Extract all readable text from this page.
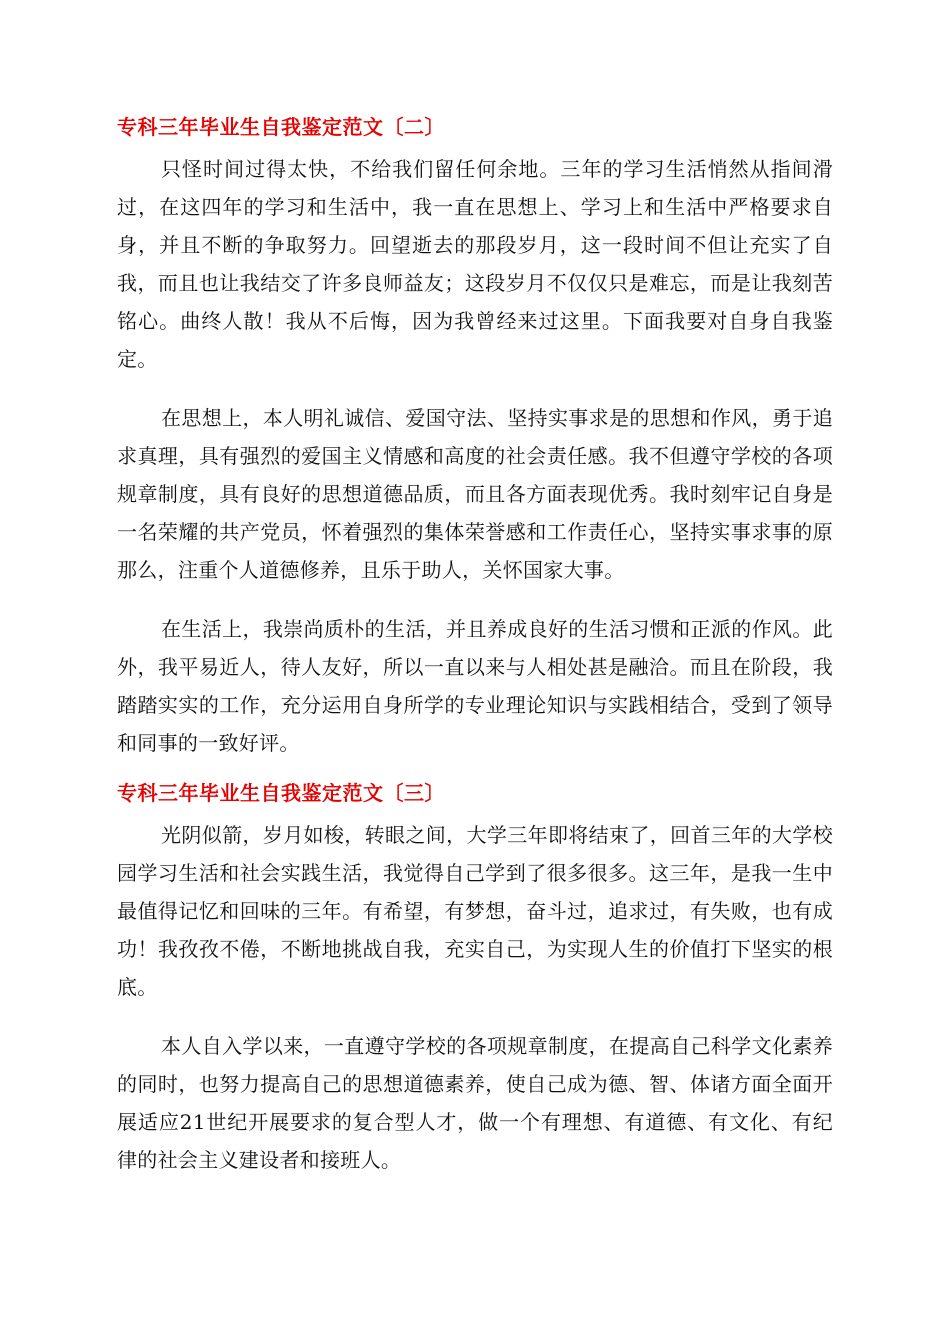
专科三年毕业生自我鉴定范文〔二〕

只怪时间过得太快，不给我们留任何余地。三年的学习生活悄然从指间滑过，在这四年的学习和生活中，我一直在思想上、学习上和生活中严格要求自身，并且不断的争取努力。回望逝去的那段岁月，这一段时间不但让充实了自我，而且也让我结交了许多良师益友；这段岁月不仅仅只是难忘，而是让我刻苦铭心。曲终人散！我从不后悔，因为我曾经来过这里。下面我要对自身自我鉴定。

在思想上，本人明礼诚信、爱国守法、坚持实事求是的思想和作风，勇于追求真理，具有强烈的爱国主义情感和高度的社会责任感。我不但遵守学校的各项规章制度，具有良好的思想道德品质，而且各方面表现优秀。我时刻牢记自身是一名荣耀的共产党员，怀着强烈的集体荣誉感和工作责任心，坚持实事求事的原那么，注重个人道德修养，且乐于助人，关怀国家大事。

在生活上，我崇尚质朴的生活，并且养成良好的生活习惯和正派的作风。此外，我平易近人，待人友好，所以一直以来与人相处甚是融洽。而且在阶段，我踏踏实实的工作，充分运用自身所学的专业理论知识与实践相结合，受到了领导和同事的一致好评。

专科三年毕业生自我鉴定范文〔三〕

光阴似箭，岁月如梭，转眼之间，大学三年即将结束了，回首三年的大学校园学习生活和社会实践生活，我觉得自己学到了很多很多。这三年，是我一生中最值得记忆和回味的三年。有希望，有梦想，奋斗过，追求过，有失败，也有成功！我孜孜不倦，不断地挑战自我，充实自己，为实现人生的价值打下坚实的根底。

本人自入学以来，一直遵守学校的各项规章制度，在提高自己科学文化素养的同时，也努力提高自己的思想道德素养，使自己成为德、智、体诸方面全面开展适应21世纪开展要求的复合型人才，做一个有理想、有道德、有文化、有纪律的社会主义建设者和接班人。
